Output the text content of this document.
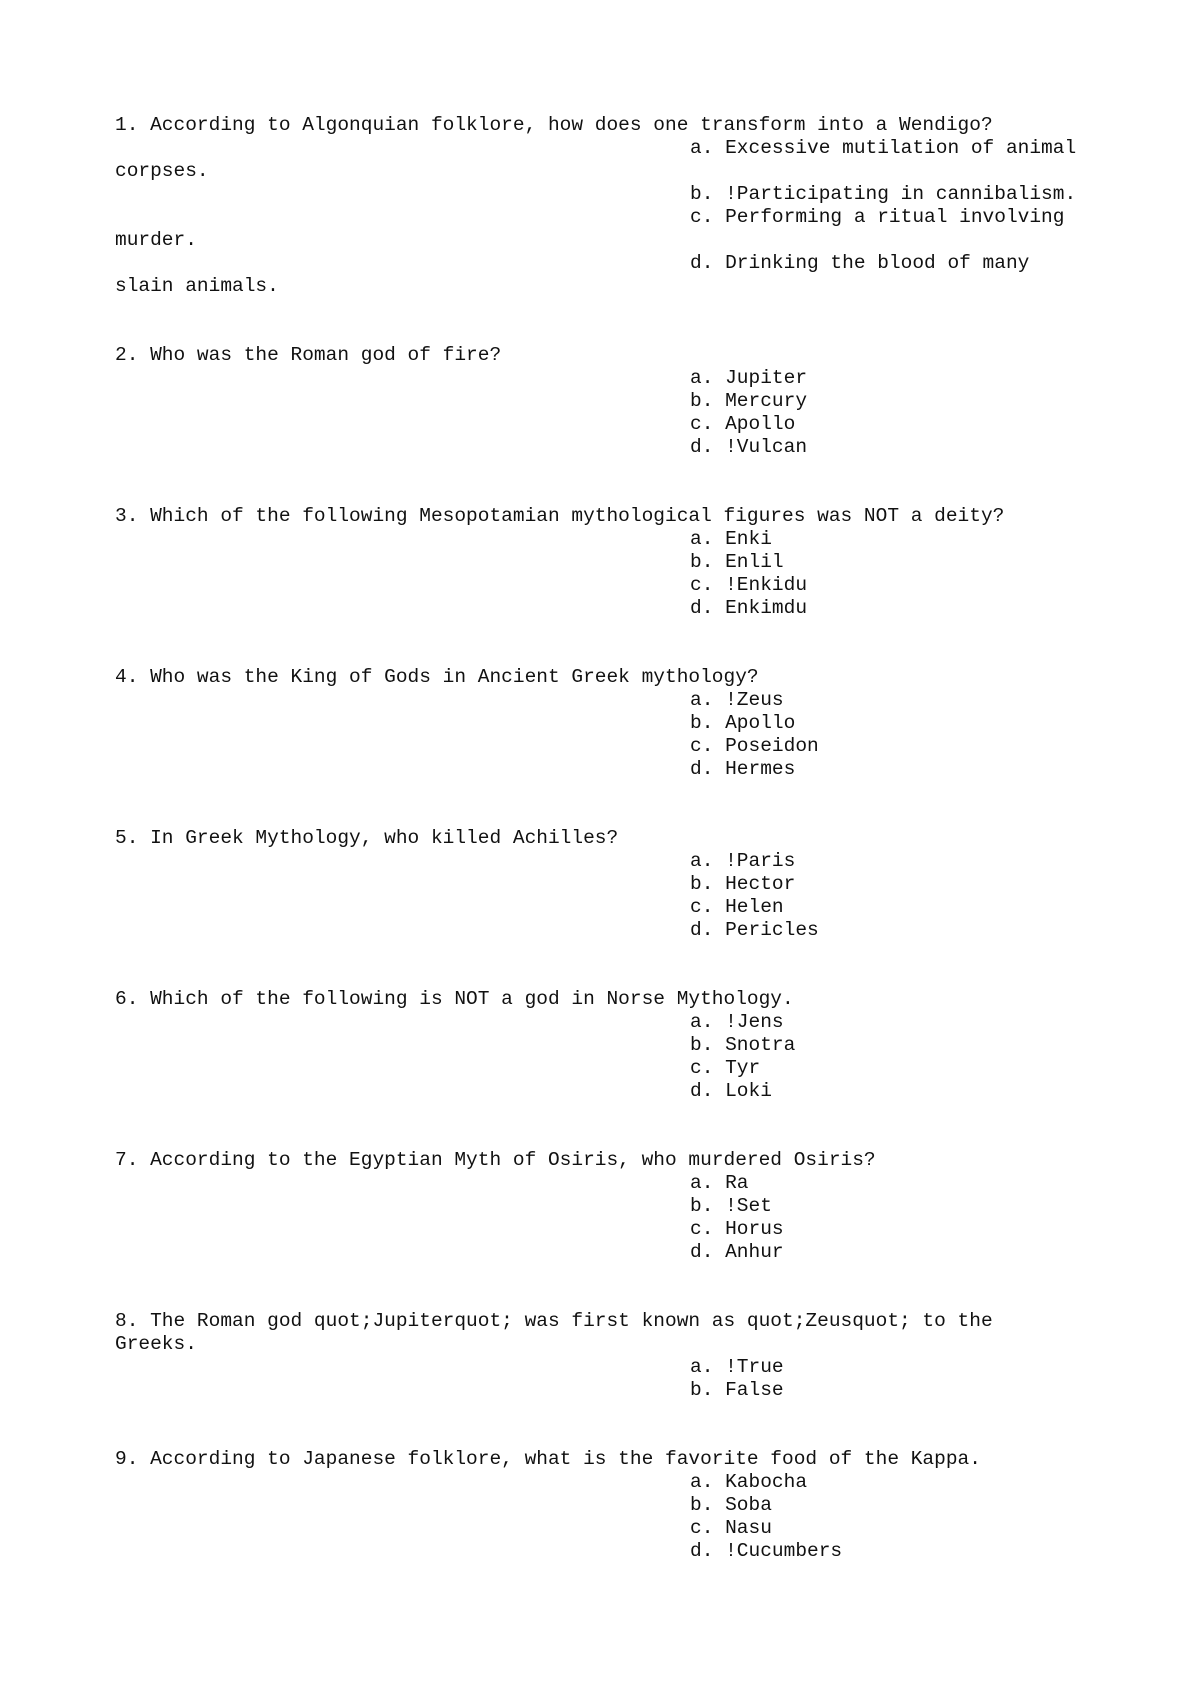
1. According to Algonquian folklore, how does one transform into a Wendigo?
a. Excessive mutilation of animal
corpses.
b. !Participating in cannibalism.
c. Performing a ritual involving
murder.
d. Drinking the blood of many
slain animals.
2. Who was the Roman god of fire?
a. Jupiter
b. Mercury
c. Apollo
d. !Vulcan
3. Which of the following Mesopotamian mythological figures was NOT a deity?
a. Enki
b. Enlil
c. !Enkidu
d. Enkimdu
4. Who was the King of Gods in Ancient Greek mythology?
a. !Zeus
b. Apollo
c. Poseidon
d. Hermes
5. In Greek Mythology, who killed Achilles?
a. !Paris
b. Hector
c. Helen
d. Pericles
6. Which of the following is NOT a god in Norse Mythology.
a. !Jens
b. Snotra
c. Tyr
d. Loki
7. According to the Egyptian Myth of Osiris, who murdered Osiris?
a. Ra
b. !Set
c. Horus
d. Anhur
8. The Roman god quot;Jupiterquot; was first known as quot;Zeusquot; to the
Greeks.
a. !True
b. False
9. According to Japanese folklore, what is the favorite food of the Kappa.
a. Kabocha
b. Soba
c. Nasu
d. !Cucumbers
